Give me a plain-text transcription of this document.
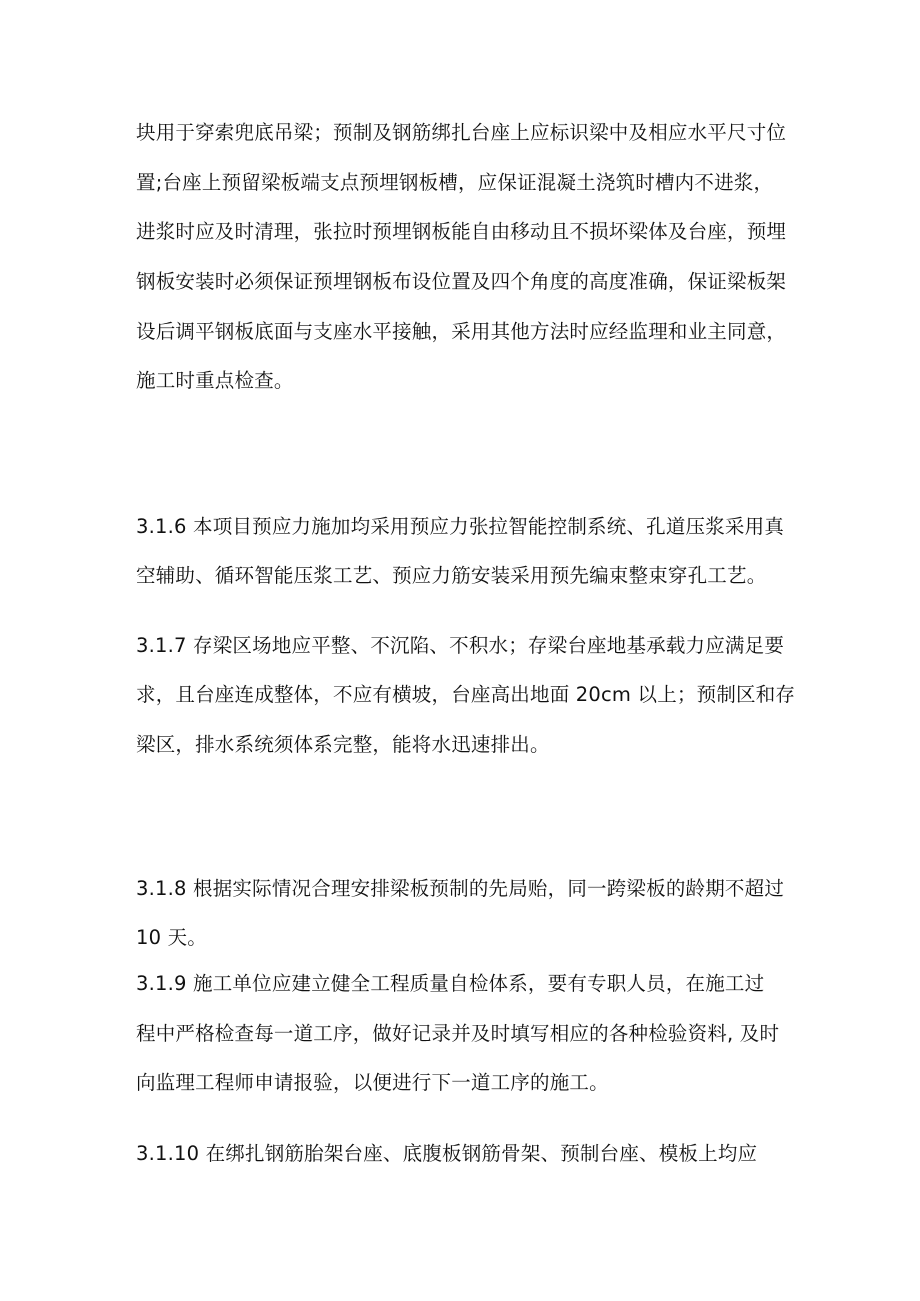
块用于穿索兜底吊梁；预制及钢筋绑扎台座上应标识梁中及相应水平尺寸位
置;台座上预留梁板端支点预埋钢板槽，应保证混凝土浇筑时槽内不进浆，
进浆时应及时清理，张拉时预埋钢板能自由移动且不损坏梁体及台座，预埋
钢板安装时必须保证预埋钢板布设位置及四个角度的高度准确，保证梁板架
设后调平钢板底面与支座水平接触，采用其他方法时应经监理和业主同意，
施工时重点检查。
3.1.6 本项目预应力施加均采用预应力张拉智能控制系统、孔道压浆采用真
空辅助、循环智能压浆工艺、预应力筋安装采用预先编束整束穿孔工艺。
3.1.7 存梁区场地应平整、不沉陷、不积水；存梁台座地基承载力应满足要
求，且台座连成整体，不应有横坡，台座高出地面 20cm 以上；预制区和存
梁区，排水系统须体系完整，能将水迅速排出。
3.1.8 根据实际情况合理安排梁板预制的先局贻，同一跨梁板的龄期不超过
10 天。
3.1.9 施工单位应建立健全工程质量自检体系，要有专职人员，在施工过
程中严格检查每一道工序，做好记录并及时填写相应的各种检验资料, 及时
向监理工程师申请报验，以便进行下一道工序的施工。
3.1.10 在绑扎钢筋胎架台座、底腹板钢筋骨架、预制台座、模板上均应
